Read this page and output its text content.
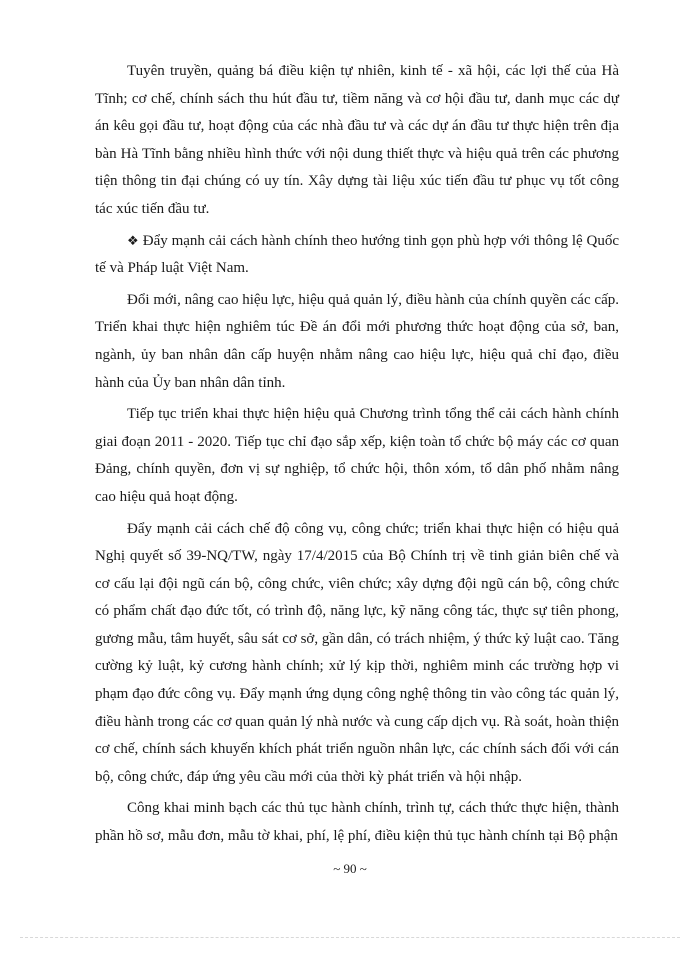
Tuyên truyền, quảng bá điều kiện tự nhiên, kinh tế - xã hội, các lợi thế của Hà Tĩnh; cơ chế, chính sách thu hút đầu tư, tiềm năng và cơ hội đầu tư, danh mục các dự án kêu gọi đầu tư, hoạt động của các nhà đầu tư và các dự án đầu tư thực hiện trên địa bàn Hà Tĩnh bằng nhiều hình thức với nội dung thiết thực và hiệu quả trên các phương tiện thông tin đại chúng có uy tín. Xây dựng tài liệu xúc tiến đầu tư phục vụ tốt công tác xúc tiến đầu tư.

❖ Đẩy mạnh cải cách hành chính theo hướng tinh gọn phù hợp với thông lệ Quốc tế và Pháp luật Việt Nam.

Đổi mới, nâng cao hiệu lực, hiệu quả quản lý, điều hành của chính quyền các cấp. Triển khai thực hiện nghiêm túc Đề án đổi mới phương thức hoạt động của sở, ban, ngành, ủy ban nhân dân cấp huyện nhằm nâng cao hiệu lực, hiệu quả chỉ đạo, điều hành của Ủy ban nhân dân tỉnh.

Tiếp tục triển khai thực hiện hiệu quả Chương trình tổng thể cải cách hành chính giai đoạn 2011 - 2020. Tiếp tục chỉ đạo sắp xếp, kiện toàn tổ chức bộ máy các cơ quan Đảng, chính quyền, đơn vị sự nghiệp, tổ chức hội, thôn xóm, tổ dân phố nhằm nâng cao hiệu quả hoạt động.

Đẩy mạnh cải cách chế độ công vụ, công chức; triển khai thực hiện có hiệu quả Nghị quyết số 39-NQ/TW, ngày 17/4/2015 của Bộ Chính trị về tinh giản biên chế và cơ cấu lại đội ngũ cán bộ, công chức, viên chức; xây dựng đội ngũ cán bộ, công chức có phẩm chất đạo đức tốt, có trình độ, năng lực, kỹ năng công tác, thực sự tiên phong, gương mẫu, tâm huyết, sâu sát cơ sở, gần dân, có trách nhiệm, ý thức kỷ luật cao. Tăng cường kỷ luật, kỷ cương hành chính; xử lý kịp thời, nghiêm minh các trường hợp vi phạm đạo đức công vụ. Đẩy mạnh ứng dụng công nghệ thông tin vào công tác quản lý, điều hành trong các cơ quan quản lý nhà nước và cung cấp dịch vụ. Rà soát, hoàn thiện cơ chế, chính sách khuyến khích phát triển nguồn nhân lực, các chính sách đối với cán bộ, công chức, đáp ứng yêu cầu mới của thời kỳ phát triển và hội nhập.

Công khai minh bạch các thủ tục hành chính, trình tự, cách thức thực hiện, thành phần hồ sơ, mẫu đơn, mẫu tờ khai, phí, lệ phí, điều kiện thủ tục hành chính tại Bộ phận

~ 90 ~
